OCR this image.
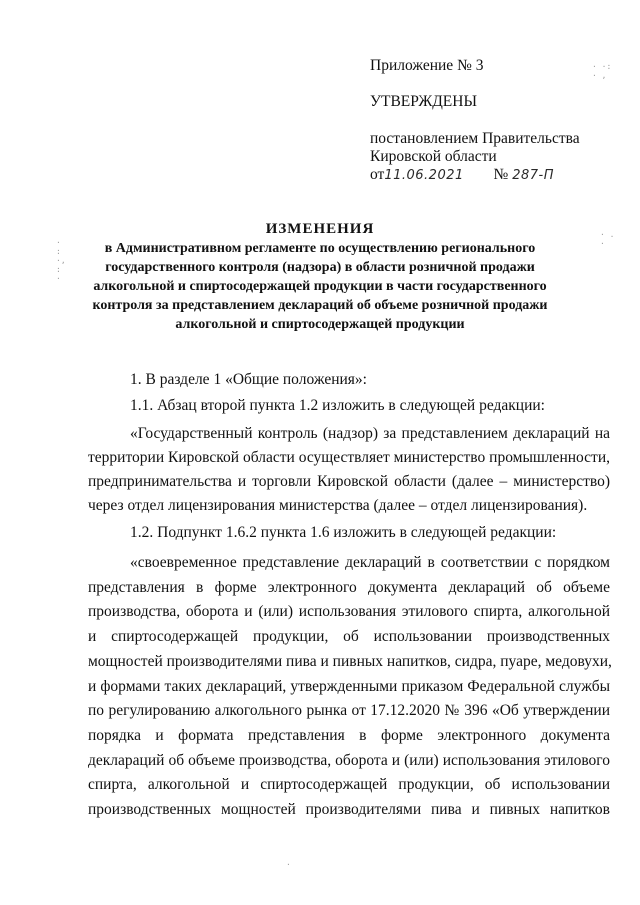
Приложение № 3
УТВЕРЖДЕНЫ
постановлением Правительства
Кировской области
от11.06.2021 № 287-П
ИЗМЕНЕНИЯ
в Административном регламенте по осуществлению регионального
государственного контроля (надзора) в области розничной продажи
алкогольной и спиртосодержащей продукции в части государственного
контроля за представлением деклараций об объеме розничной продажи
алкогольной и спиртосодержащей продукции
1. В разделе 1 «Общие положения»:
1.1. Абзац второй пункта 1.2 изложить в следующей редакции:
«Государственный контроль (надзор) за представлением деклараций на
территории Кировской области осуществляет министерство промышленности,
предпринимательства и торговли Кировской области (далее – министерство)
через отдел лицензирования министерства (далее – отдел лицензирования).
1.2. Подпункт 1.6.2 пункта 1.6 изложить в следующей редакции:
«своевременное представление деклараций в соответствии с порядком
представления в форме электронного документа деклараций об объеме
производства, оборота и (или) использования этилового спирта, алкогольной
и спиртосодержащей продукции, об использовании производственных
мощностей производителями пива и пивных напитков, сидра, пуаре, медовухи,
и формами таких деклараций, утвержденными приказом Федеральной службы
по регулированию алкогольного рынка от 17.12.2020 № 396 «Об утверждении
порядка и формата представления в форме электронного документа
деклараций об объеме производства, оборота и (или) использования этилового
спирта, алкогольной и спиртосодержащей продукции, об использовании
производственных мощностей производителями пива и пивных напитков
· ·:
· ,
·
:
·,
:
·
· .
·
·
